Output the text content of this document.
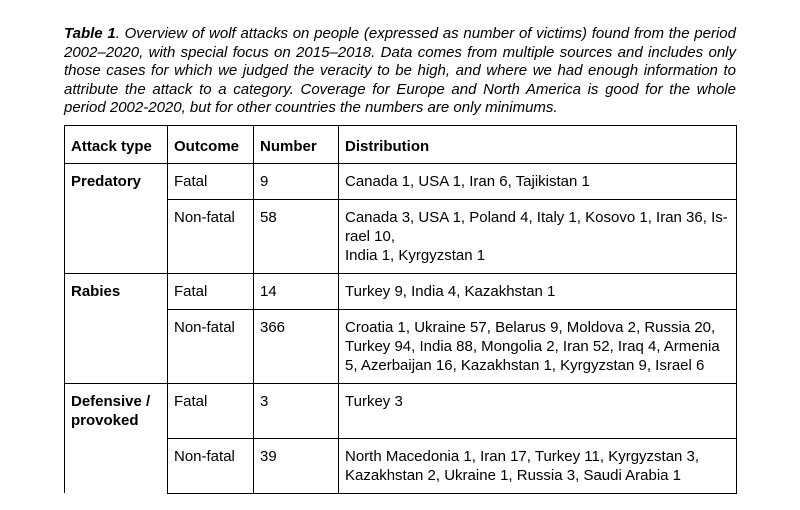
Table 1. Overview of wolf attacks on people (expressed as number of victims) found from the period 2002–2020, with special focus on 2015–2018. Data comes from multiple sources and includes only those cases for which we judged the veracity to be high, and where we had enough information to attribute the attack to a category. Coverage for Europe and North America is good for the whole period 2002-2020, but for other countries the numbers are only minimums.
Attack type	Outcome	Number	Distribution
Predatory	Fatal	9	Canada 1, USA 1, Iran 6, Tajikistan 1

	Non-fatal	58	Canada 3, USA 1, Poland 4, Italy 1, Kosovo 1, Iran 36, Is-
rael 10,
India 1, Kyrgyzstan 1

Rabies	Fatal	14	Turkey 9, India 4, Kazakhstan 1

	Non-fatal	366	Croatia 1, Ukraine 57, Belarus 9, Moldova 2, Russia 20,
Turkey 94, India 88, Mongolia 2, Iran 52, Iraq 4, Armenia
5, Azerbaijan 16, Kazakhstan 1, Kyrgyzstan 9, Israel 6

Defensive /
provoked	Fatal	3	Turkey 3

	Non-fatal	39	North Macedonia 1, Iran 17, Turkey 11, Kyrgyzstan 3,
Kazakhstan 2, Ukraine 1, Russia 3, Saudi Arabia 1
